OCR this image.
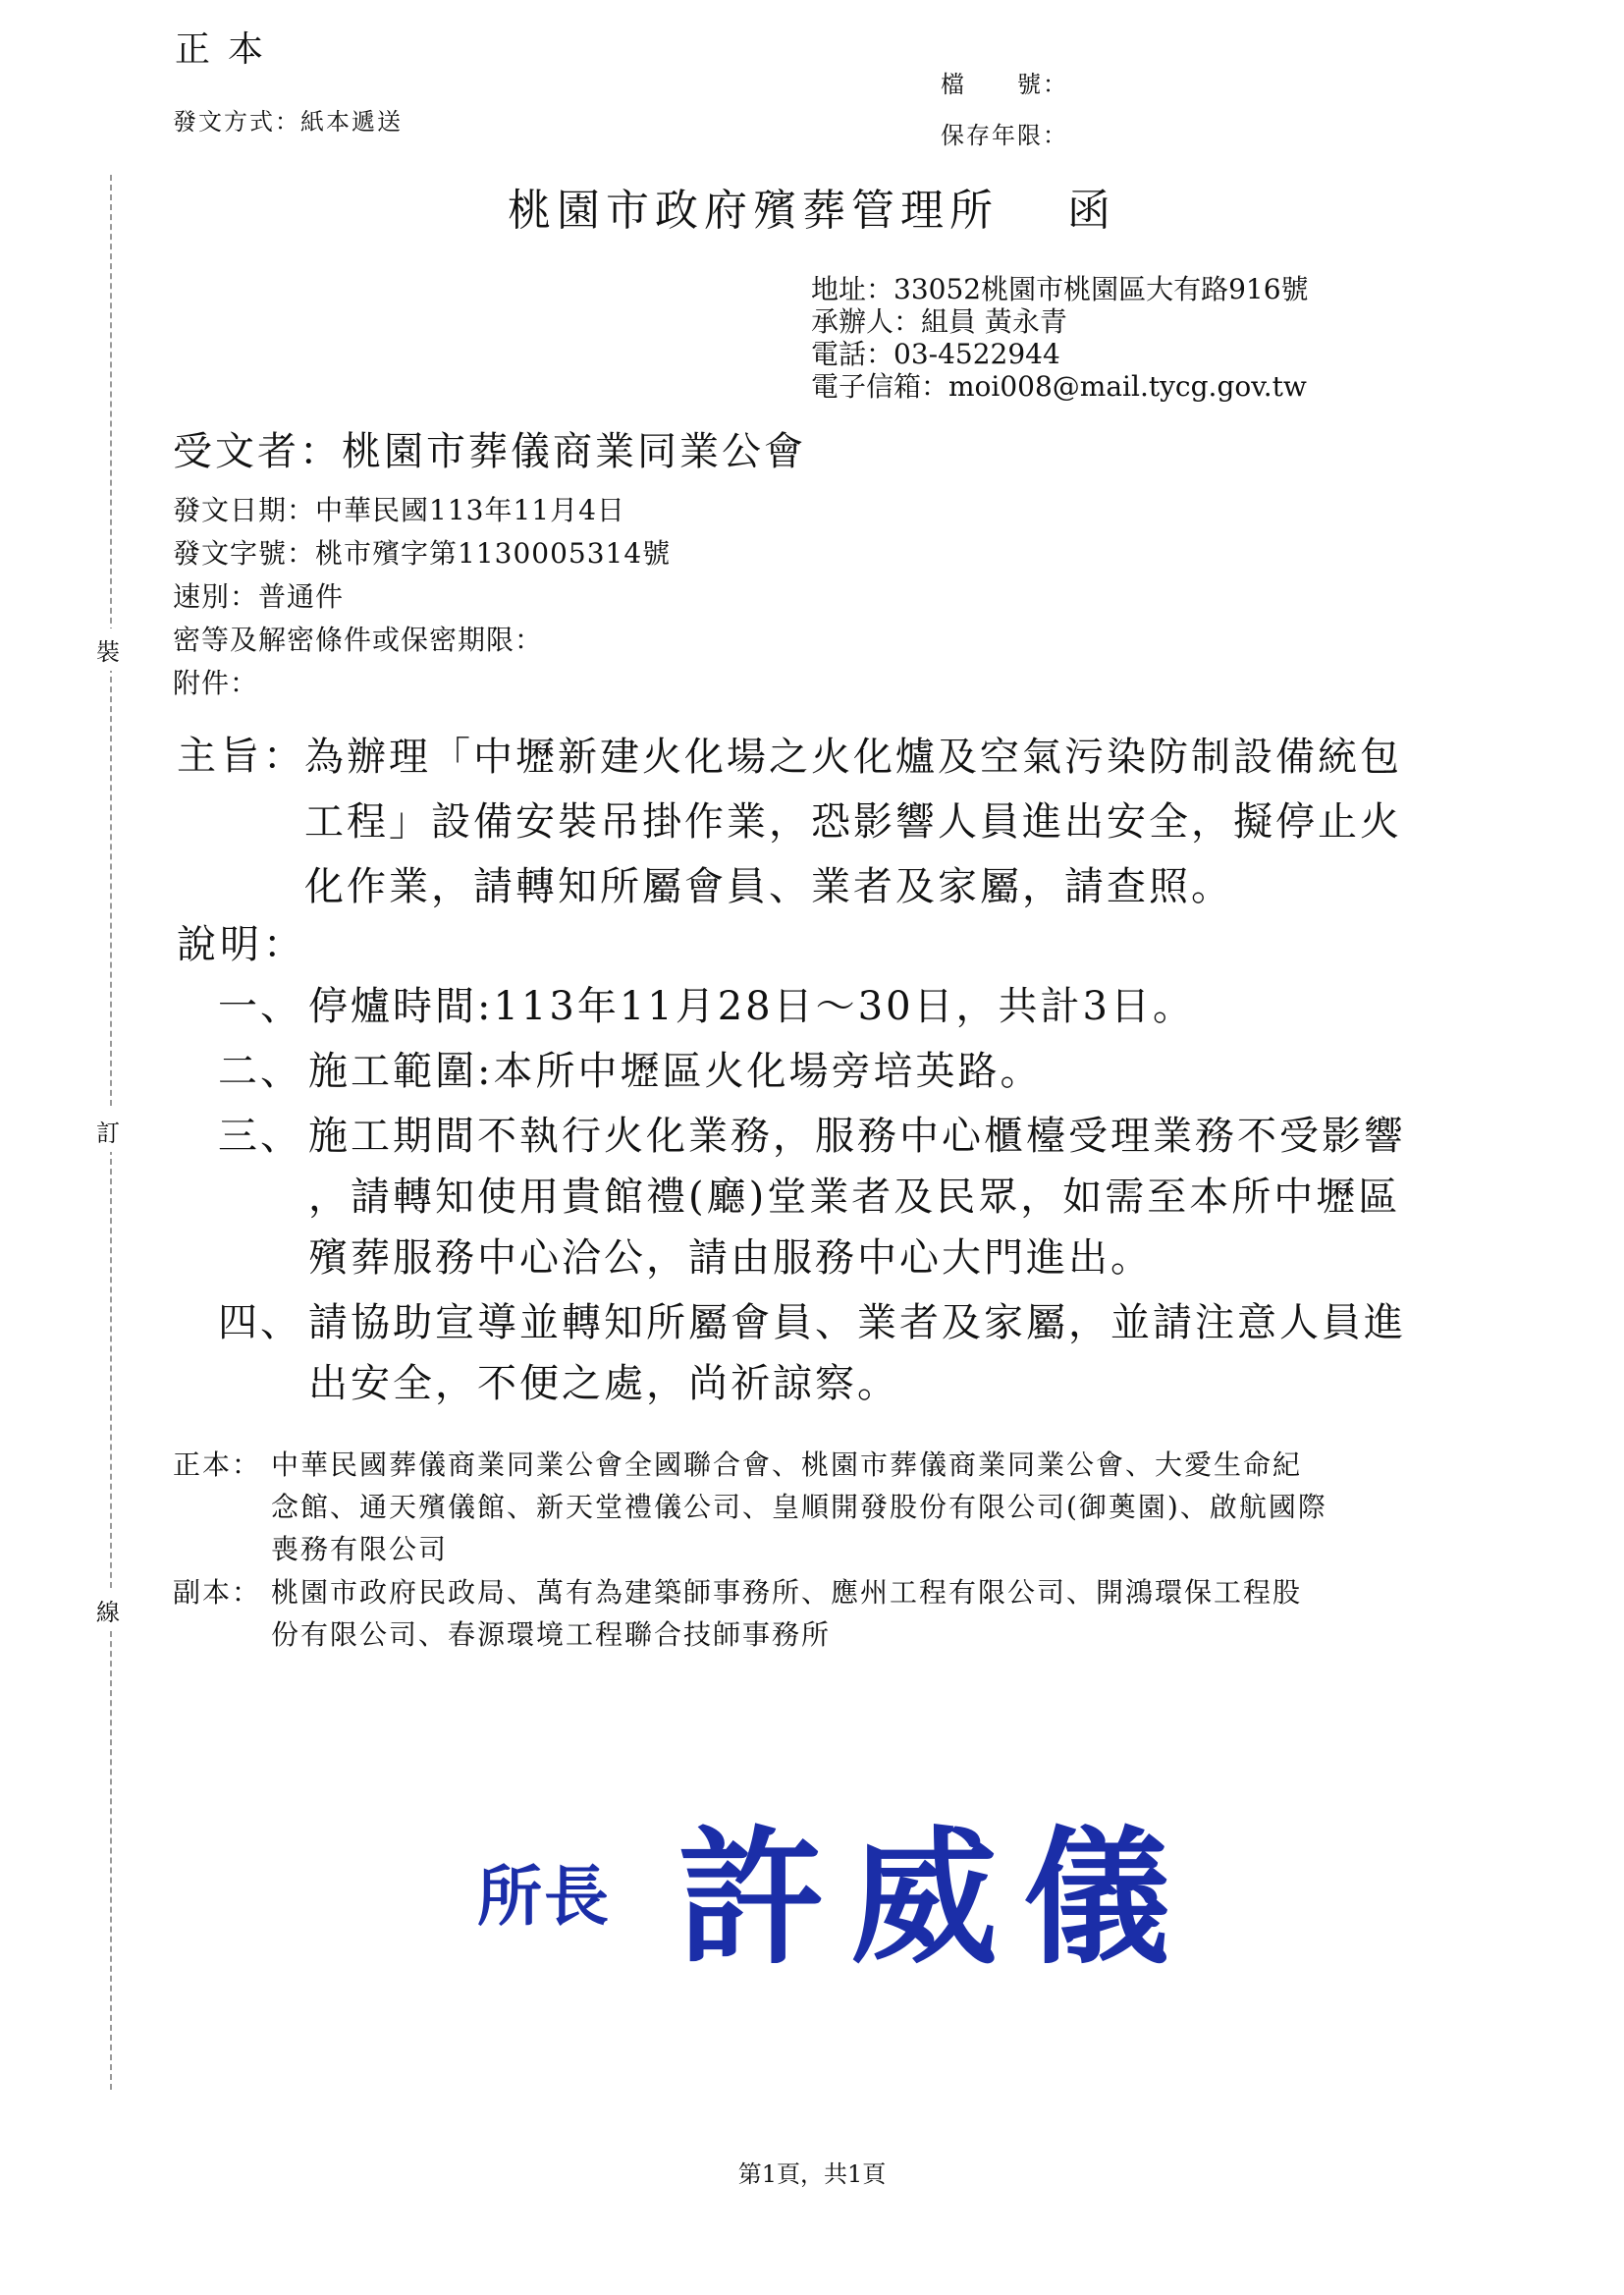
正本
發文方式：紙本遞送
檔　　號：
保存年限：
桃園市政府殯葬管理所 函
地址：33052桃園市桃園區大有路916號
承辦人：組員 黃永青
電話：03-4522944
電子信箱：moi008@mail.tycg.gov.tw
受文者：桃園市葬儀商業同業公會
發文日期：中華民國113年11月4日
發文字號：桃市殯字第1130005314號
速別：普通件
密等及解密條件或保密期限：
附件：
裝
訂
線
主旨：
為辦理「中壢新建火化場之火化爐及空氣污染防制設備統包
工程」設備安裝吊掛作業，恐影響人員進出安全，擬停止火
化作業，請轉知所屬會員、業者及家屬，請查照。
說明：
一、 停爐時間:113年11月28日～30日，共計3日。
二、 施工範圍:本所中壢區火化場旁培英路。
三、 施工期間不執行火化業務，服務中心櫃檯受理業務不受影響
，請轉知使用貴館禮(廳)堂業者及民眾，如需至本所中壢區
殯葬服務中心洽公，請由服務中心大門進出。
四、 請協助宣導並轉知所屬會員、業者及家屬，並請注意人員進
出安全，不便之處，尚祈諒察。
正本： 中華民國葬儀商業同業公會全國聯合會、桃園市葬儀商業同業公會、大愛生命紀
念館、通天殯儀館、新天堂禮儀公司、皇順開發股份有限公司(御薁園)、啟航國際
喪務有限公司
副本： 桃園市政府民政局、萬有為建築師事務所、應州工程有限公司、開鴻環保工程股
份有限公司、春源環境工程聯合技師事務所
所長 許威儀
第1頁，共1頁
